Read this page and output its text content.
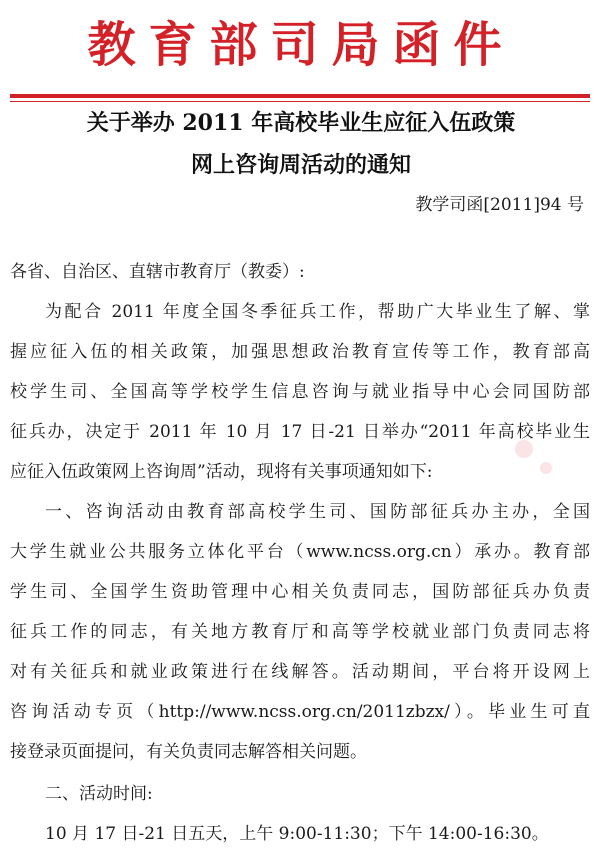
教育部司局函件
关于举办 2011 年高校毕业生应征入伍政策
网上咨询周活动的通知
教学司函[2011]94 号
各省、自治区、直辖市教育厅（教委）:
为配合 2011 年度全国冬季征兵工作，帮助广大毕业生了解、掌
握应征入伍的相关政策，加强思想政治教育宣传等工作，教育部高
校学生司、全国高等学校学生信息咨询与就业指导中心会同国防部
征兵办，决定于 2011 年 10 月 17 日-21 日举办“2011 年高校毕业生
应征入伍政策网上咨询周”活动，现将有关事项通知如下:
一、咨询活动由教育部高校学生司、国防部征兵办主办，全国
大学生就业公共服务立体化平台（www.ncss.org.cn）承办。教育部
学生司、全国学生资助管理中心相关负责同志，国防部征兵办负责
征兵工作的同志，有关地方教育厅和高等学校就业部门负责同志将
对有关征兵和就业政策进行在线解答。活动期间，平台将开设网上
咨询活动专页（http://www.ncss.org.cn/2011zbzx/）。毕业生可直
接登录页面提问，有关负责同志解答相关问题。
二、活动时间:
10 月 17 日-21 日五天，上午 9:00-11:30；下午 14:00-16:30。
